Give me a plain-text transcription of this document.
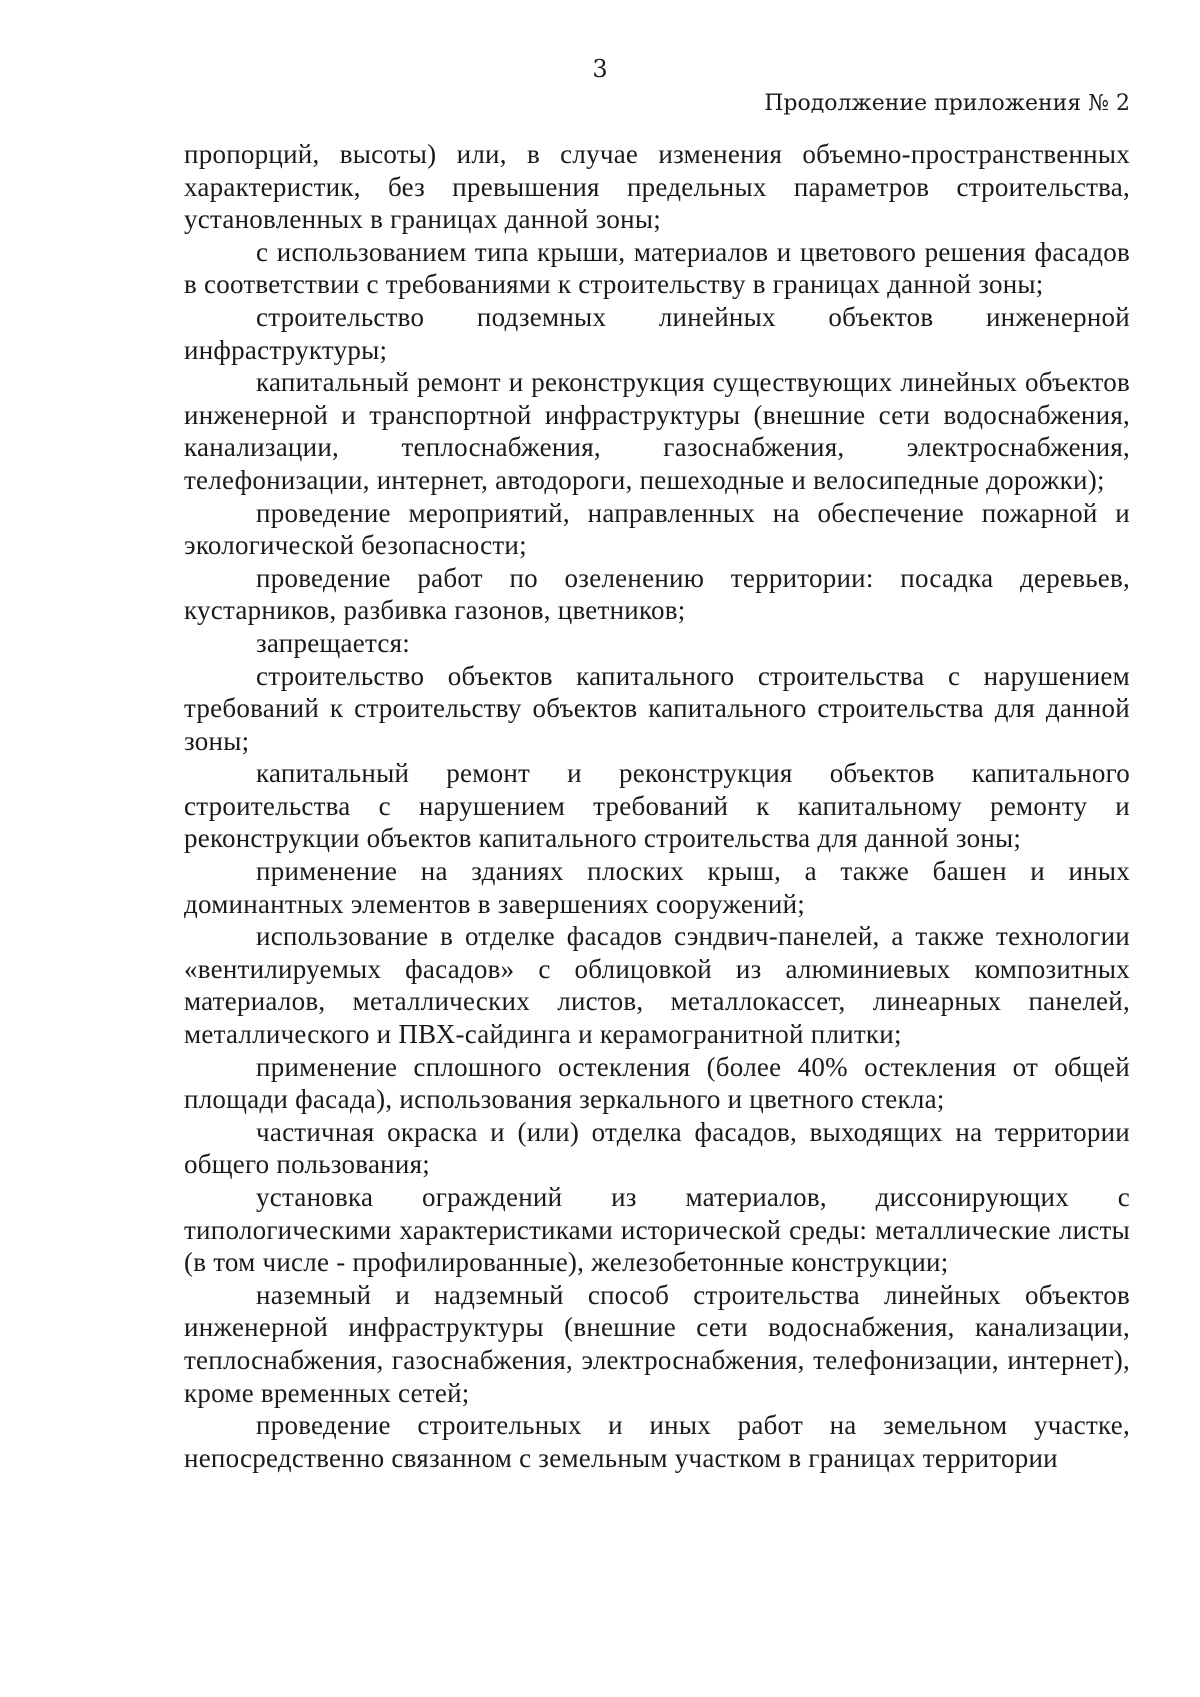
3
Продолжение приложения № 2

пропорций, высоты) или, в случае изменения объемно-пространственных характеристик, без превышения предельных параметров строительства, установленных в границах данной зоны;

с использованием типа крыши, материалов и цветового решения фасадов в соответствии с требованиями к строительству в границах данной зоны;

строительство подземных линейных объектов инженерной инфраструктуры;

капитальный ремонт и реконструкция существующих линейных объектов инженерной и транспортной инфраструктуры (внешние сети водоснабжения, канализации, теплоснабжения, газоснабжения, электроснабжения, телефонизации, интернет, автодороги, пешеходные и велосипедные дорожки);

проведение мероприятий, направленных на обеспечение пожарной и экологической безопасности;

проведение работ по озеленению территории: посадка деревьев, кустарников, разбивка газонов, цветников;

запрещается:

строительство объектов капитального строительства с нарушением требований к строительству объектов капитального строительства для данной зоны;

капитальный ремонт и реконструкция объектов капитального строительства с нарушением требований к капитальному ремонту и реконструкции объектов капитального строительства для данной зоны;

применение на зданиях плоских крыш, а также башен и иных доминантных элементов в завершениях сооружений;

использование в отделке фасадов сэндвич-панелей, а также технологии «вентилируемых фасадов» с облицовкой из алюминиевых композитных материалов, металлических листов, металлокассет, линеарных панелей, металлического и ПВХ-сайдинга и керамогранитной плитки;

применение сплошного остекления (более 40% остекления от общей площади фасада), использования зеркального и цветного стекла;

частичная окраска и (или) отделка фасадов, выходящих на территории общего пользования;

установка ограждений из материалов, диссонирующих с типологическими характеристиками исторической среды: металлические листы (в том числе - профилированные), железобетонные конструкции;

наземный и надземный способ строительства линейных объектов инженерной инфраструктуры (внешние сети водоснабжения, канализации, теплоснабжения, газоснабжения, электроснабжения, телефонизации, интернет), кроме временных сетей;

проведение строительных и иных работ на земельном участке, непосредственно связанном с земельным участком в границах территории
